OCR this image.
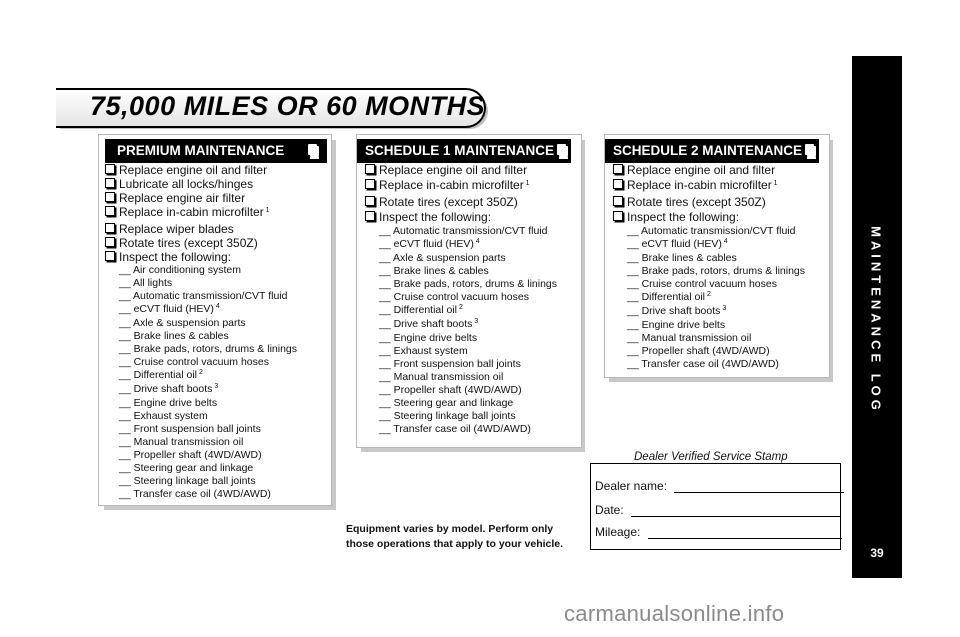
75,000 MILES OR 60 MONTHS
MAINTENANCE LOG
39
PREMIUM MAINTENANCE
Replace engine oil and filter
Lubricate all locks/hinges
Replace engine air filter
Replace in-cabin microfilter $^1$
Replace wiper blades
Rotate tires (except 350Z)
Inspect the following:
__ Air conditioning system
__ All lights
__ Automatic transmission/CVT fluid
__ eCVT fluid (HEV) $^4$
__ Axle & suspension parts
__ Brake lines & cables
__ Brake pads, rotors, drums & linings
__ Cruise control vacuum hoses
__ Differential oil $^2$
__ Drive shaft boots $^3$
__ Engine drive belts
__ Exhaust system
__ Front suspension ball joints
__ Manual transmission oil
__ Propeller shaft (4WD/AWD)
__ Steering gear and linkage
__ Steering linkage ball joints
__ Transfer case oil (4WD/AWD)
SCHEDULE 1 MAINTENANCE
Replace engine oil and filter
Replace in-cabin microfilter $^1$
Rotate tires (except 350Z)
Inspect the following:
__ Automatic transmission/CVT fluid
__ eCVT fluid (HEV) $^4$
__ Axle & suspension parts
__ Brake lines & cables
__ Brake pads, rotors, drums & linings
__ Cruise control vacuum hoses
__ Differential oil $^2$
__ Drive shaft boots $^3$
__ Engine drive belts
__ Exhaust system
__ Front suspension ball joints
__ Manual transmission oil
__ Propeller shaft (4WD/AWD)
__ Steering gear and linkage
__ Steering linkage ball joints
__ Transfer case oil (4WD/AWD)
SCHEDULE 2 MAINTENANCE
Replace engine oil and filter
Replace in-cabin microfilter $^1$
Rotate tires (except 350Z)
Inspect the following:
__ Automatic transmission/CVT fluid
__ eCVT fluid (HEV) $^4$
__ Brake lines & cables
__ Brake pads, rotors, drums & linings
__ Cruise control vacuum hoses
__ Differential oil $^2$
__ Drive shaft boots $^3$
__ Engine drive belts
__ Manual transmission oil
__ Propeller shaft (4WD/AWD)
__ Transfer case oil (4WD/AWD)
Equipment varies by model. Perform only
those operations that apply to your vehicle.
Dealer Verified Service Stamp
Dealer name:
Date:
Mileage:
carmanualsonline.info
